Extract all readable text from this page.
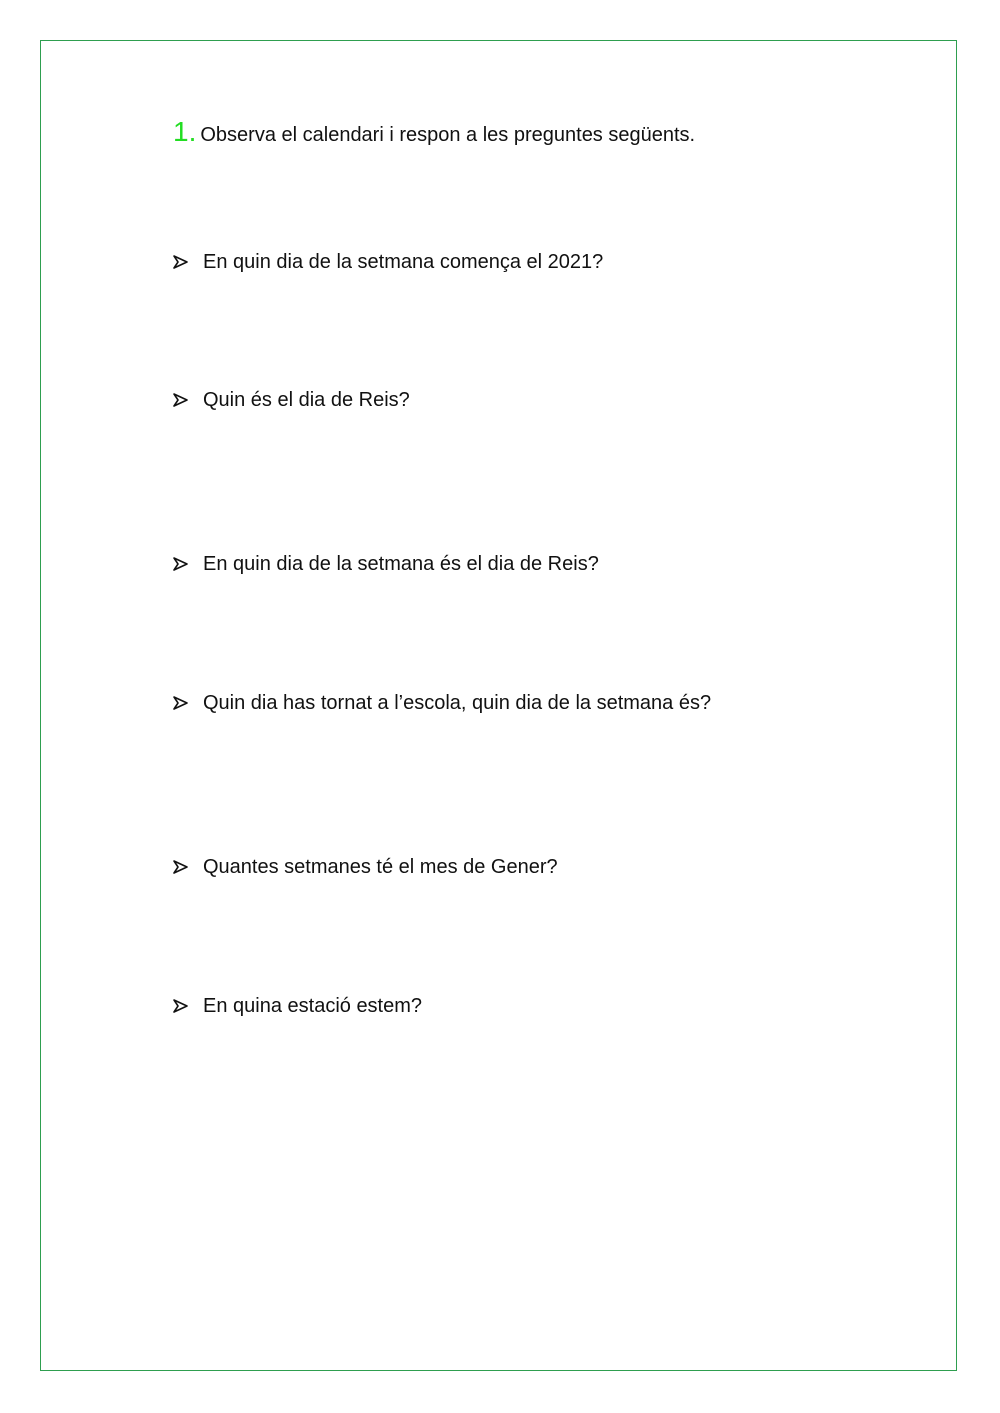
1. Observa el calendari i respon a les preguntes següents.
En quin dia de la setmana comença el 2021?
Quin és el dia de Reis?
En quin dia de la setmana és el dia de Reis?
Quin dia has tornat a l’escola, quin dia de la setmana és?
Quantes setmanes té el mes de Gener?
En quina estació estem?
